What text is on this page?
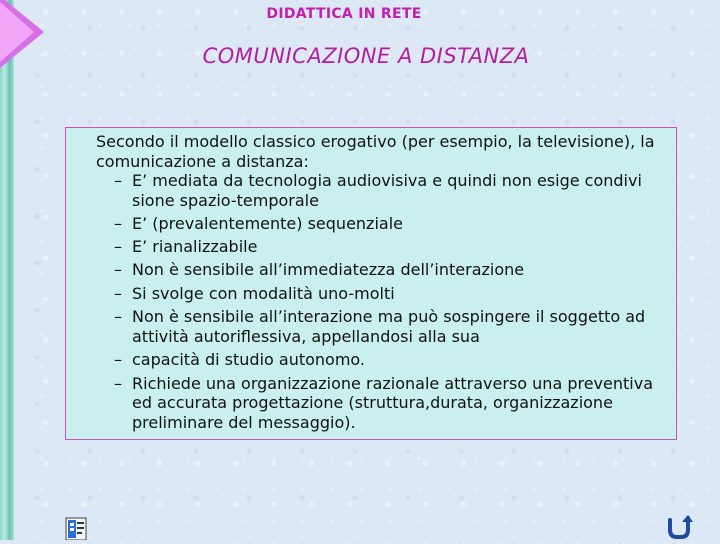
DIDATTICA IN RETE
COMUNICAZIONE A DISTANZA

Secondo il modello classico erogativo (per esempio, la televisione), la comunicazione a distanza:

– E’ mediata da tecnologia audiovisiva e quindi non esige condivi sione spazio-temporale
– E’ (prevalentemente) sequenziale
– E’ rianalizzabile
– Non è sensibile all’immediatezza dell’interazione
– Si svolge con modalità uno-molti
– Non è sensibile all’interazione ma può sospingere il soggetto ad attività autoriflessiva, appellandosi alla sua
– capacità di studio autonomo.
– Richiede una organizzazione razionale attraverso una preventiva ed accurata progettazione (struttura,durata, organizzazione preliminare del messaggio).
